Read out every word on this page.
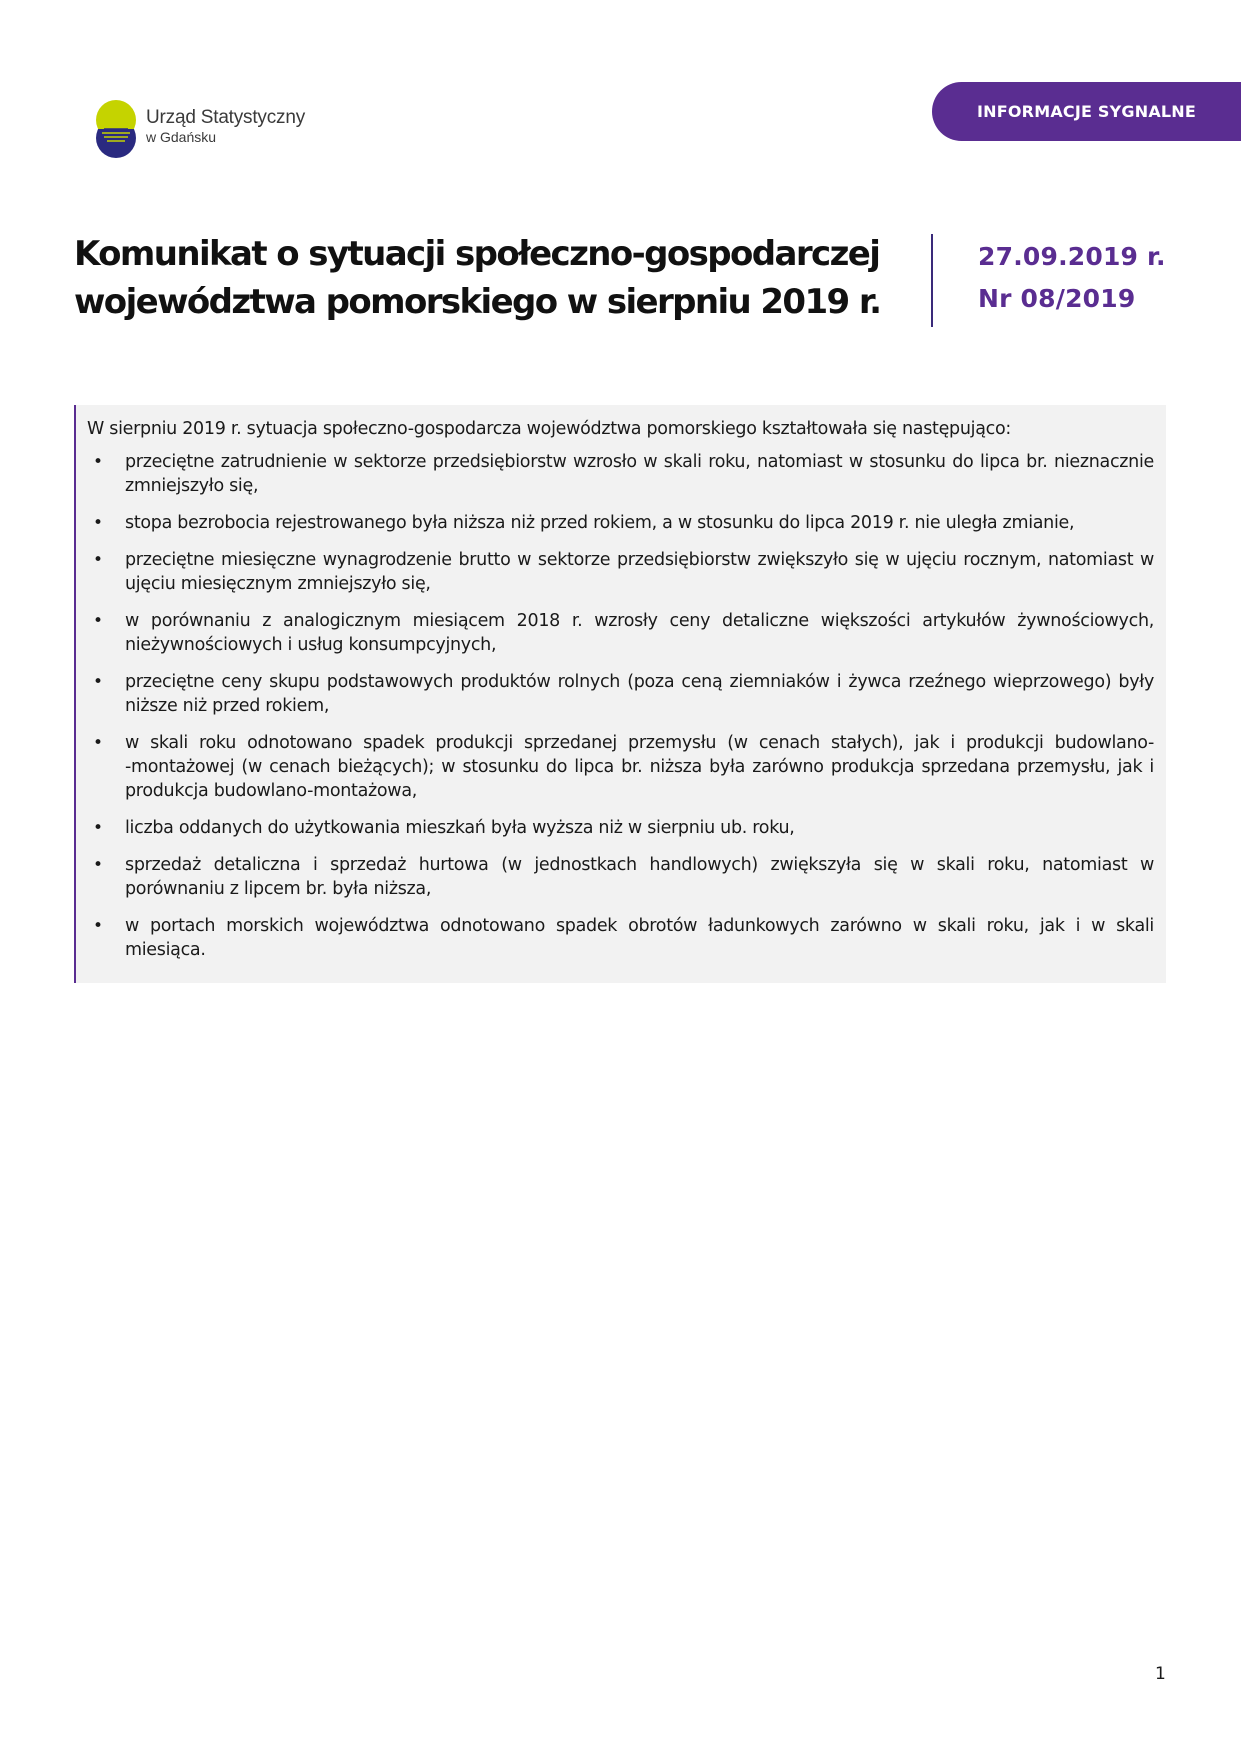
Urząd Statystyczny
w Gdańsku
INFORMACJE SYGNALNE
Komunikat o sytuacji społeczno-gospodarczej
województwa pomorskiego w sierpniu 2019 r.
27.09.2019 r.
Nr 08/2019

W sierpniu 2019 r. sytuacja społeczno-gospodarcza województwa pomorskiego kształtowała się następująco:

• przeciętne zatrudnienie w sektorze przedsiębiorstw wzrosło w skali roku, natomiast w stosunku do lipca br. nieznacznie zmniejszyło się,
• stopa bezrobocia rejestrowanego była niższa niż przed rokiem, a w stosunku do lipca 2019 r. nie uległa zmianie,
• przeciętne miesięczne wynagrodzenie brutto w sektorze przedsiębiorstw zwiększyło się w ujęciu rocznym, natomiast w ujęciu miesięcznym zmniejszyło się,
• w porównaniu z analogicznym miesiącem 2018 r. wzrosły ceny detaliczne większości artykułów żywnościowych, nieżywnościowych i usług konsumpcyjnych,
• przeciętne ceny skupu podstawowych produktów rolnych (poza ceną ziemniaków i żywca rzeźnego wieprzowego) były niższe niż przed rokiem,
• w skali roku odnotowano spadek produkcji sprzedanej przemysłu (w cenach stałych), jak i produkcji budowlano-‑montażowej (w cenach bieżących); w stosunku do lipca br. niższa była zarówno produkcja sprzedana przemysłu, jak i produkcja budowlano-montażowa,
• liczba oddanych do użytkowania mieszkań była wyższa niż w sierpniu ub. roku,
• sprzedaż detaliczna i sprzedaż hurtowa (w jednostkach handlowych) zwiększyła się w skali roku, natomiast w porównaniu z lipcem br. była niższa,
• w portach morskich województwa odnotowano spadek obrotów ładunkowych zarówno w skali roku, jak i w skali miesiąca.
1
